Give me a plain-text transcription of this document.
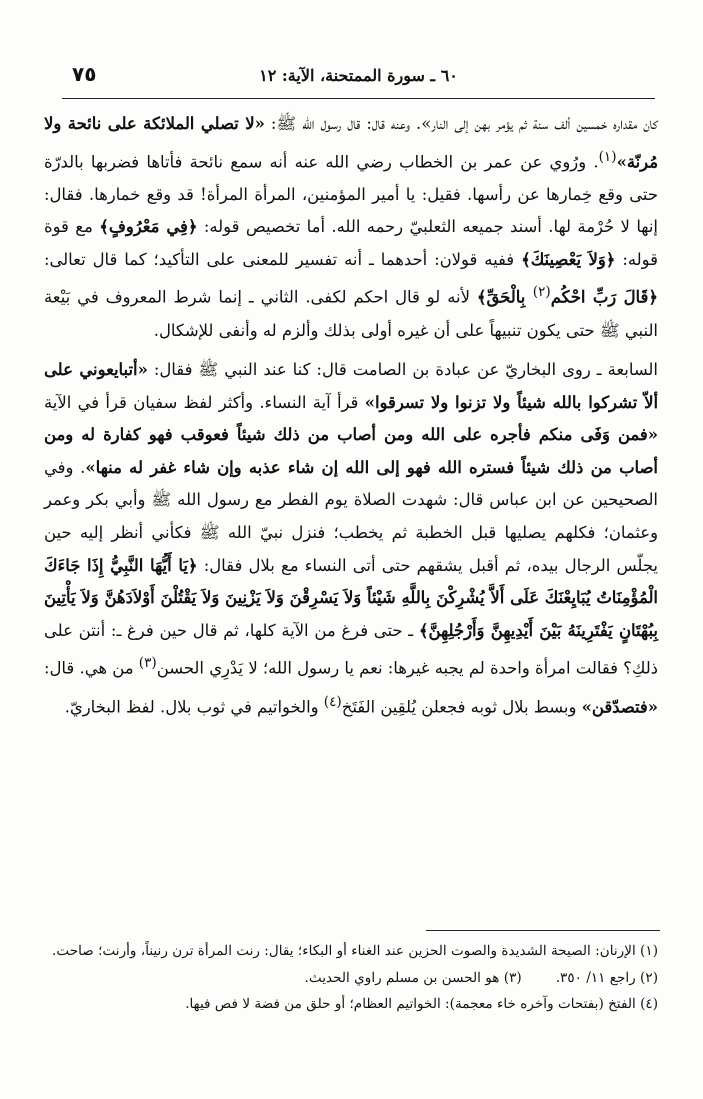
٧٥	٦٠ ـ سورة الممتحنة، الآية: ١٢

كان مقداره خمسين ألف سنة ثم يؤمر بهن إلى النار». وعنه قال: قال رسول الله ﷺ: «لا تصلي الملائكة على نائحة ولا مُرنّة»$^{(١)}$. ورُوي عن عمر بن الخطاب رضي الله عنه أنه سمع نائحة فأتاها فضربها بالدرّة حتى وقع خِمارها عن رأسها. فقيل: يا أمير المؤمنين، المرأة المرأة! قد وقع خمارها. فقال: إنها لا حُرْمة لها. أسند جميعه الثعلبيّ رحمه الله. أما تخصيص قوله: ﴿فِي مَعْرُوفٍ﴾ مع قوة قوله: ﴿وَلاَ يَعْصِينَكَ﴾ ففيه قولان: أحدهما ـ أنه تفسير للمعنى على التأكيد؛ كما قال تعالى: ﴿قَالَ رَبِّ احْكُم$^{(٢)}$ بِالْحَقِّ﴾ لأنه لو قال احكم لكفى. الثاني ـ إنما شرط المعروف في بَيْعة النبي ﷺ حتى يكون تنبيهاً على أن غيره أولى بذلك وألزم له وأنفى للإشكال.

السابعة ـ روى البخاريّ عن عبادة بن الصامت قال: كنا عند النبي ﷺ فقال: «أتبايعوني على ألاّ تشركوا بالله شيئاً ولا تزنوا ولا تسرقوا» قرأ آية النساء. وأكثر لفظ سفيان قرأ في الآية «فمن وَفَى منكم فأجره على الله ومن أصاب من ذلك شيئاً فعوقب فهو كفارة له ومن أصاب من ذلك شيئاً فستره الله فهو إلى الله إن شاء عذبه وإن شاء غفر له منها». وفي الصحيحين عن ابن عباس قال: شهدت الصلاة يوم الفطر مع رسول الله ﷺ وأبي بكر وعمر وعثمان؛ فكلهم يصليها قبل الخطبة ثم يخطب؛ فنزل نبيّ الله ﷺ فكأني أنظر إليه حين يجلّس الرجال بيده، ثم أقبل يشقهم حتى أتى النساء مع بلال فقال: ﴿يَا أَيُّهَا النَّبِيُّ إِذَا جَاءَكَ الْمُؤْمِنَاتُ يُبَايِعْنَكَ عَلَى أَلاَّ يُشْرِكْنَ بِاللَّهِ شَيْئاً وَلاَ يَسْرِقْنَ وَلاَ يَزْنِينَ وَلاَ يَقْتُلْنَ أَوْلاَدَهُنَّ وَلاَ يَأْتِينَ بِبُهْتَانٍ يَفْتَرِينَهُ بَيْنَ أَيْدِيهِنَّ وَأَرْجُلِهِنَّ﴾ ـ حتى فرغ من الآية كلها، ثم قال حين فرغ ـ: أنتن على ذلكِ؟ فقالت امرأة واحدة لم يجبه غيرها: نعم يا رسول الله؛ لا يَدْرِي الحسن$^{(٣)}$ من هي. قال: «فتصدّقن» وبسط بلال ثوبه فجعلن يُلقِين الفَتَخ$^{(٤)}$ والخواتيم في ثوب بلال. لفظ البخاريّ.

(١) الإرنان: الصيحة الشديدة والصوت الحزين عند الغناء أو البكاء؛ يقال: رنت المرأة ترن رنيناً، وأرنت؛ صاحت.

(٢) راجع ١١/ ٣٥٠.
(٣) هو الحسن بن مسلم راوي الحديث.

(٤) الفتخ (بفتحات وآخره خاء معجمة): الخواتيم العظام؛ أو حلق من فضة لا فص فيها.
